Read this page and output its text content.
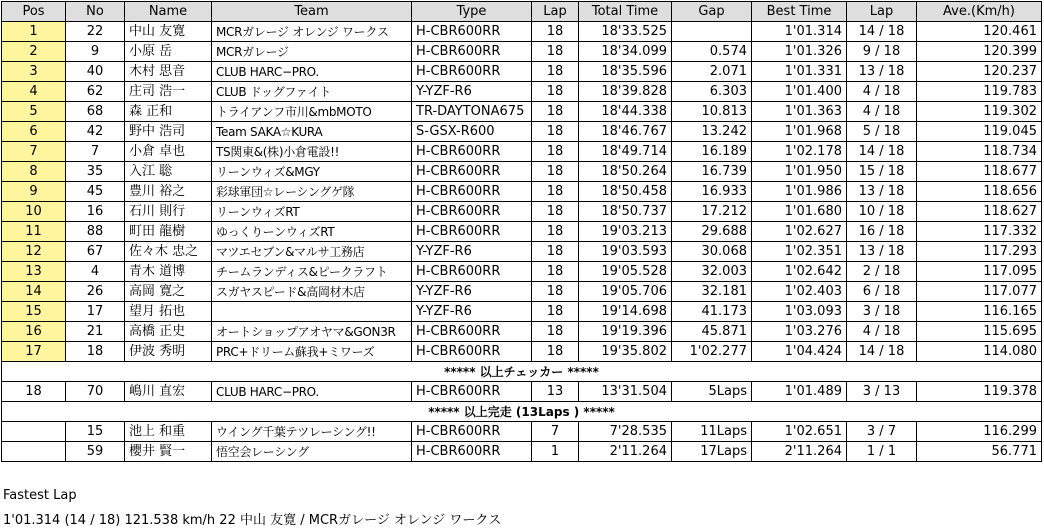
Pos	No	Name	Team	Type	Lap	Total Time	Gap	Best Time	Lap	Ave.(Km/h)
1	22	中山 友寛	MCRガレージ オレンジ ワークス	H-CBR600RR	18	18'33.525		1'01.314	14 / 18	120.461
2	9	小原 岳	MCRガレージ	H-CBR600RR	18	18'34.099	0.574	1'01.326	9 / 18	120.399
3	40	木村 思音	CLUB HARC−PRO.	H-CBR600RR	18	18'35.596	2.071	1'01.331	13 / 18	120.237
4	62	庄司 浩一	CLUB ドッグファイト	Y-YZF-R6	18	18'39.828	6.303	1'01.400	4 / 18	119.783
5	68	森 正和	トライアンフ市川&mbMOTO	TR-DAYTONA675	18	18'44.338	10.813	1'01.363	4 / 18	119.302
6	42	野中 浩司	Team SAKA☆KURA	S-GSX-R600	18	18'46.767	13.242	1'01.968	5 / 18	119.045
7	7	小倉 卓也	TS関東&(株)小倉電設!!	H-CBR600RR	18	18'49.714	16.189	1'02.178	14 / 18	118.734
8	35	入江 聡	リーンウィズ&MGY	H-CBR600RR	18	18'50.264	16.739	1'01.950	15 / 18	118.677
9	45	豊川 裕之	彩球軍団☆レーシングゲ隊	H-CBR600RR	18	18'50.458	16.933	1'01.986	13 / 18	118.656
10	16	石川 則行	リーンウィズRT	H-CBR600RR	18	18'50.737	17.212	1'01.680	10 / 18	118.627
11	88	町田 龍樹	ゆっくりーンウィズRT	H-CBR600RR	18	19'03.213	29.688	1'02.627	16 / 18	117.332
12	67	佐々木 忠之	マツエセブン&マルサ工務店	Y-YZF-R6	18	19'03.593	30.068	1'02.351	13 / 18	117.293
13	4	青木 道博	チームランディス&ピークラフト	H-CBR600RR	18	19'05.528	32.003	1'02.642	2 / 18	117.095
14	26	高岡 寛之	スガヤスピード&高岡材木店	Y-YZF-R6	18	19'05.706	32.181	1'02.403	6 / 18	117.077
15	17	望月 拓也		Y-YZF-R6	18	19'14.698	41.173	1'03.093	3 / 18	116.165
16	21	高橋 正史	オートショップアオヤマ&GON3R	H-CBR600RR	18	19'19.396	45.871	1'03.276	4 / 18	115.695
17	18	伊波 秀明	PRC+ドリーム蘇我+ミワーズ	H-CBR600RR	18	19'35.802	1'02.277	1'04.424	14 / 18	114.080
***** 以上チェッカー *****										
18	70	嶋川 直宏	CLUB HARC−PRO.	H-CBR600RR	13	13'31.504	5Laps	1'01.489	3 / 13	119.378
***** 以上完走 (13Laps ) *****										
	15	池上 和重	ウイング千葉テツレーシング!!	H-CBR600RR	7	7'28.535	11Laps	1'02.651	3 / 7	116.299
	59	櫻井 賢一	悟空会レーシング	H-CBR600RR	1	2'11.264	17Laps	2'11.264	1 / 1	56.771
Fastest Lap
1'01.314 (14 / 18) 121.538 km/h 22 中山 友寛 / MCRガレージ オレンジ ワークス
